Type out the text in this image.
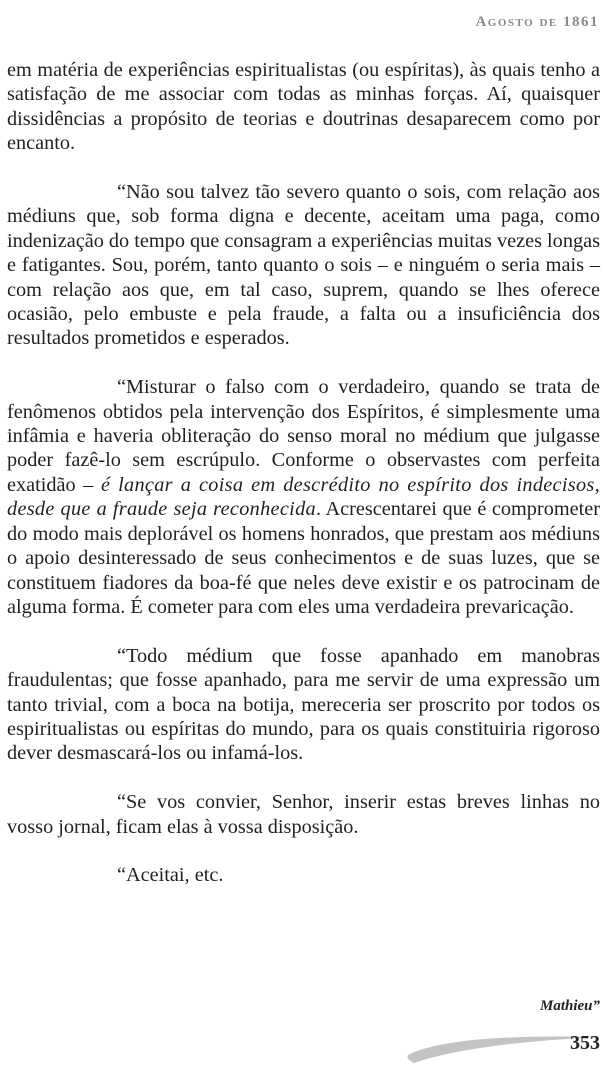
Agosto de 1861

em matéria de experiências espiritualistas (ou espíritas), às quais tenho a satisfação de me associar com todas as minhas forças. Aí, quaisquer dissidências a propósito de teorias e doutrinas desaparecem como por encanto.

“Não sou talvez tão severo quanto o sois, com relação aos médiuns que, sob forma digna e decente, aceitam uma paga, como indenização do tempo que consagram a experiências muitas vezes longas e fatigantes. Sou, porém, tanto quanto o sois – e ninguém o seria mais – com relação aos que, em tal caso, suprem, quando se lhes oferece ocasião, pelo embuste e pela fraude, a falta ou a insuficiência dos resultados prometidos e esperados.

“Misturar o falso com o verdadeiro, quando se trata de fenômenos obtidos pela intervenção dos Espíritos, é simplesmente uma infâmia e haveria obliteração do senso moral no médium que julgasse poder fazê-lo sem escrúpulo. Conforme o observastes com perfeita exatidão – é lançar a coisa em descrédito no espírito dos indecisos, desde que a fraude seja reconhecida. Acrescentarei que é comprometer do modo mais deplorável os homens honrados, que prestam aos médiuns o apoio desinteressado de seus conhecimentos e de suas luzes, que se constituem fiadores da boa-fé que neles deve existir e os patrocinam de alguma forma. É cometer para com eles uma verdadeira prevaricação.

“Todo médium que fosse apanhado em manobras fraudulentas; que fosse apanhado, para me servir de uma expressão um tanto trivial, com a boca na botija, mereceria ser proscrito por todos os espiritualistas ou espíritas do mundo, para os quais constituiria rigoroso dever desmascará-los ou infamá-los.

“Se vos convier, Senhor, inserir estas breves linhas no vosso jornal, ficam elas à vossa disposição.

“Aceitai, etc.

Mathieu”
353
